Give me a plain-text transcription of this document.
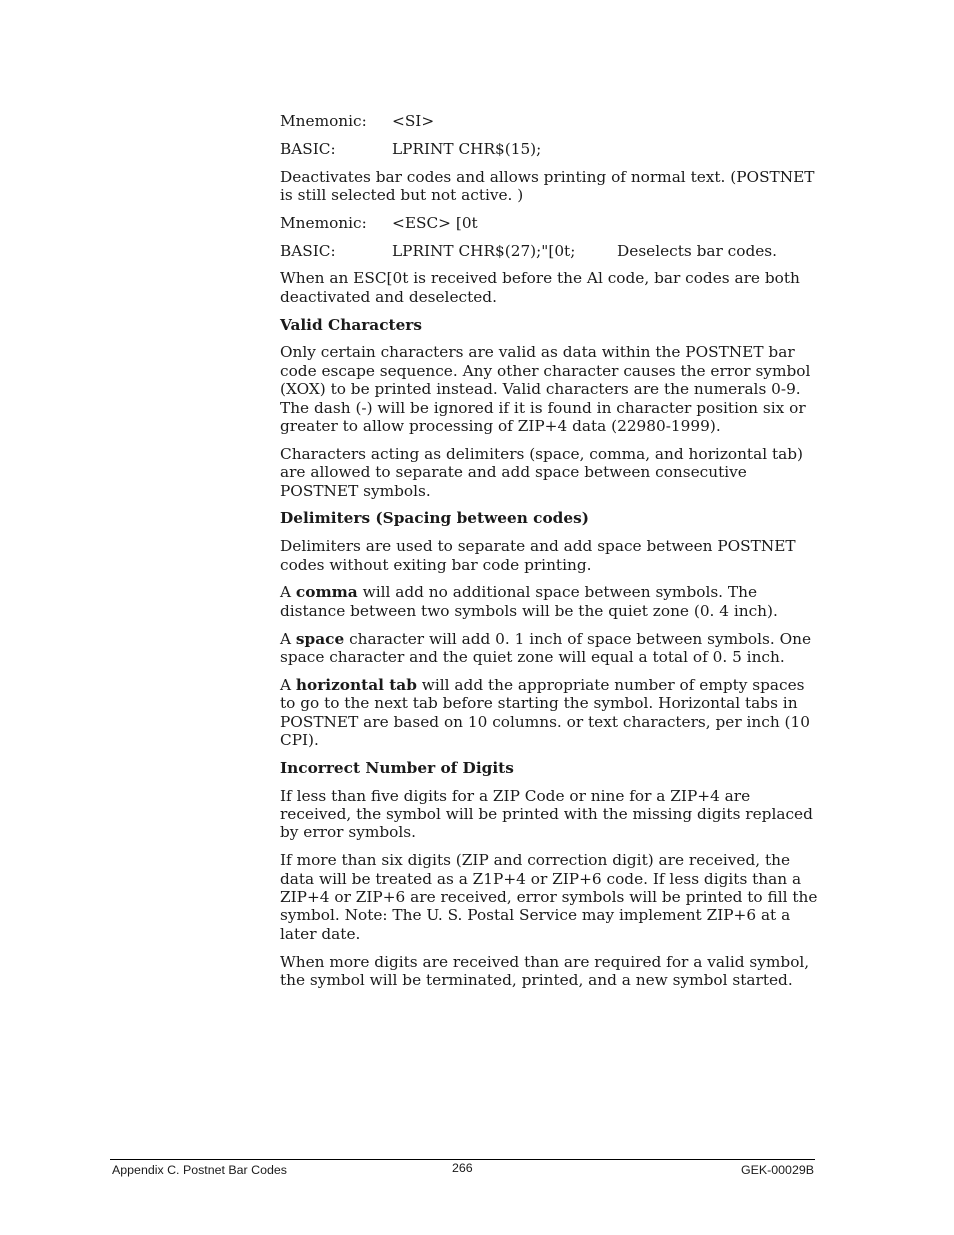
Mnemonic: <SI>
BASIC:	LPRINT CHR$(15);

Deactivates bar codes and allows printing of normal text. (POSTNET is still selected but not active. )

Mnemonic: <ESC> [0t
BASIC:	LPRINT CHR$(27);"[0t;	Deselects bar codes.

When an ESC[0t is received before the Al code, bar codes are both deactivated and deselected.

Valid Characters

Only certain characters are valid as data within the POSTNET bar code escape sequence. Any other character causes the error symbol (XOX) to be printed instead. Valid characters are the numerals 0-9. The dash (-) will be ignored if it is found in character position six or greater to allow processing of ZIP+4 data (22980-1999).

Characters acting as delimiters (space, comma, and horizontal tab) are allowed to separate and add space between consecutive POSTNET symbols.

Delimiters (Spacing between codes)

Delimiters are used to separate and add space between POSTNET codes without exiting bar code printing.

A comma will add no additional space between symbols. The distance between two symbols will be the quiet zone (0. 4 inch).

A space character will add 0. 1 inch of space between symbols. One space character and the quiet zone will equal a total of 0. 5 inch.

A horizontal tab will add the appropriate number of empty spaces to go to the next tab before starting the symbol. Horizontal tabs in POSTNET are based on 10 columns. or text characters, per inch (10 CPI).

Incorrect Number of Digits

If less than five digits for a ZIP Code or nine for a ZIP+4 are received, the symbol will be printed with the missing digits replaced by error symbols.

If more than six digits (ZIP and correction digit) are received, the data will be treated as a Z1P+4 or ZIP+6 code. If less digits than a ZIP+4 or ZIP+6 are received, error symbols will be printed to fill the symbol. Note: The U. S. Postal Service may implement ZIP+6 at a later date.

When more digits are received than are required for a valid symbol, the symbol will be terminated, printed, and a new symbol started.

Appendix C. Postnet Bar Codes	266	GEK-00029B
